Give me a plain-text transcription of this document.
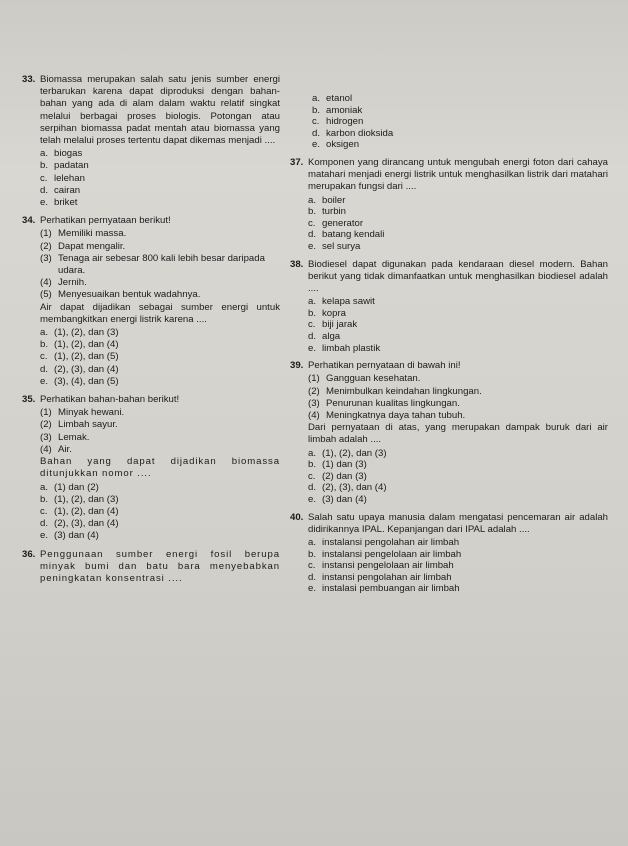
33. Biomassa merupakan salah satu jenis sumber energi terbarukan karena dapat diproduksi dengan bahan-bahan yang ada di alam dalam waktu relatif singkat melalui berbagai proses biologis. Potongan atau serpihan biomassa padat mentah atau biomassa yang telah melalui proses tertentu dapat dikemas menjadi ....
a. biogas
b. padatan
c. lelehan
d. cairan
e. briket
34. Perhatikan pernyataan berikut!
(1) Memiliki massa.
(2) Dapat mengalir.
(3) Tenaga air sebesar 800 kali lebih besar daripada udara.
(4) Jernih.
(5) Menyesuaikan bentuk wadahnya.
Air dapat dijadikan sebagai sumber energi untuk membangkitkan energi listrik karena ....
a. (1), (2), dan (3)
b. (1), (2), dan (4)
c. (1), (2), dan (5)
d. (2), (3), dan (4)
e. (3), (4), dan (5)
35. Perhatikan bahan-bahan berikut!
(1) Minyak hewani.
(2) Limbah sayur.
(3) Lemak.
(4) Air.
Bahan yang dapat dijadikan biomassa ditunjukkan nomor ....
a. (1) dan (2)
b. (1), (2), dan (3)
c. (1), (2), dan (4)
d. (2), (3), dan (4)
e. (3) dan (4)
36. Penggunaan sumber energi fosil berupa minyak bumi dan batu bara menyebabkan peningkatan konsentrasi ....
a. etanol
b. amoniak
c. hidrogen
d. karbon dioksida
e. oksigen
37. Komponen yang dirancang untuk mengubah energi foton dari cahaya matahari menjadi energi listrik untuk menghasilkan listrik dari matahari merupakan fungsi dari ....
a. boiler
b. turbin
c. generator
d. batang kendali
e. sel surya
38. Biodiesel dapat digunakan pada kendaraan diesel modern. Bahan berikut yang tidak dimanfaatkan untuk menghasilkan biodiesel adalah ....
a. kelapa sawit
b. kopra
c. biji jarak
d. alga
e. limbah plastik
39. Perhatikan pernyataan di bawah ini!
(1) Gangguan kesehatan.
(2) Menimbulkan keindahan lingkungan.
(3) Penurunan kualitas lingkungan.
(4) Meningkatnya daya tahan tubuh.
Dari pernyataan di atas, yang merupakan dampak buruk dari air limbah adalah ....
a. (1), (2), dan (3)
b. (1) dan (3)
c. (2) dan (3)
d. (2), (3), dan (4)
e. (3) dan (4)
40. Salah satu upaya manusia dalam mengatasi pencemaran air adalah didirikannya IPAL. Kepanjangan dari IPAL adalah ....
a. instalansi pengolahan air limbah
b. instalansi pengelolaan air limbah
c. instansi pengelolaan air limbah
d. instansi pengolahan air limbah
e. instalasi pembuangan air limbah
